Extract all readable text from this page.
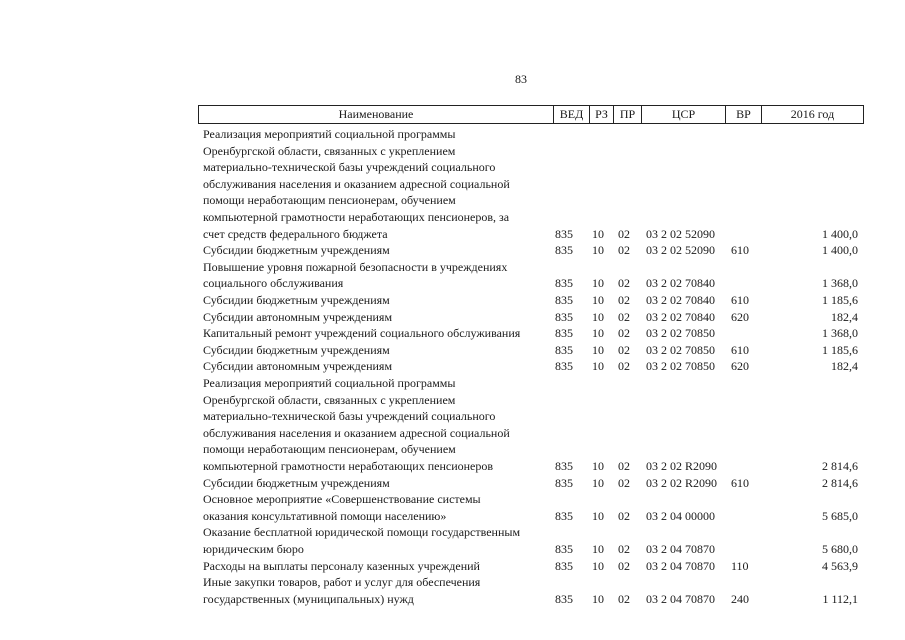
83
Наименование	ВЕД РЗ ПР	ЦСР	ВР	2016 год
Реализация мероприятий социальной программы
Оренбургской области, связанных с укреплением
материально-технической базы учреждений социального
обслуживания населения и оказанием адресной социальной
помощи неработающим пенсионерам, обучением
компьютерной грамотности неработающих пенсионеров, за
счет средств федерального бюджета	835 10 02 03 2 02 52090	1 400,0
Субсидии бюджетным учреждениям	835 10 02 03 2 02 52090 610	1 400,0
Повышение уровня пожарной безопасности в учреждениях
социального обслуживания	835 10 02 03 2 02 70840	1 368,0
Субсидии бюджетным учреждениям	835 10 02 03 2 02 70840 610	1 185,6
Субсидии автономным учреждениям	835 10 02 03 2 02 70840 620	182,4
Капитальный ремонт учреждений социального обслуживания	835 10 02 03 2 02 70850	1 368,0
Субсидии бюджетным учреждениям	835 10 02 03 2 02 70850 610	1 185,6
Субсидии автономным учреждениям	835 10 02 03 2 02 70850 620	182,4
Реализация мероприятий социальной программы
Оренбургской области, связанных с укреплением
материально-технической базы учреждений социального
обслуживания населения и оказанием адресной социальной
помощи неработающим пенсионерам, обучением
компьютерной грамотности неработающих пенсионеров	835 10 02 03 2 02 R2090	2 814,6
Субсидии бюджетным учреждениям	835 10 02 03 2 02 R2090 610	2 814,6
Основное мероприятие «Совершенствование системы
оказания консультативной помощи населению»	835 10 02 03 2 04 00000	5 685,0
Оказание бесплатной юридической помощи государственным
юридическим бюро	835 10 02 03 2 04 70870	5 680,0
Расходы на выплаты персоналу казенных учреждений	835 10 02 03 2 04 70870 110	4 563,9
Иные закупки товаров, работ и услуг для обеспечения
государственных (муниципальных) нужд	835 10 02 03 2 04 70870 240	1 112,1
